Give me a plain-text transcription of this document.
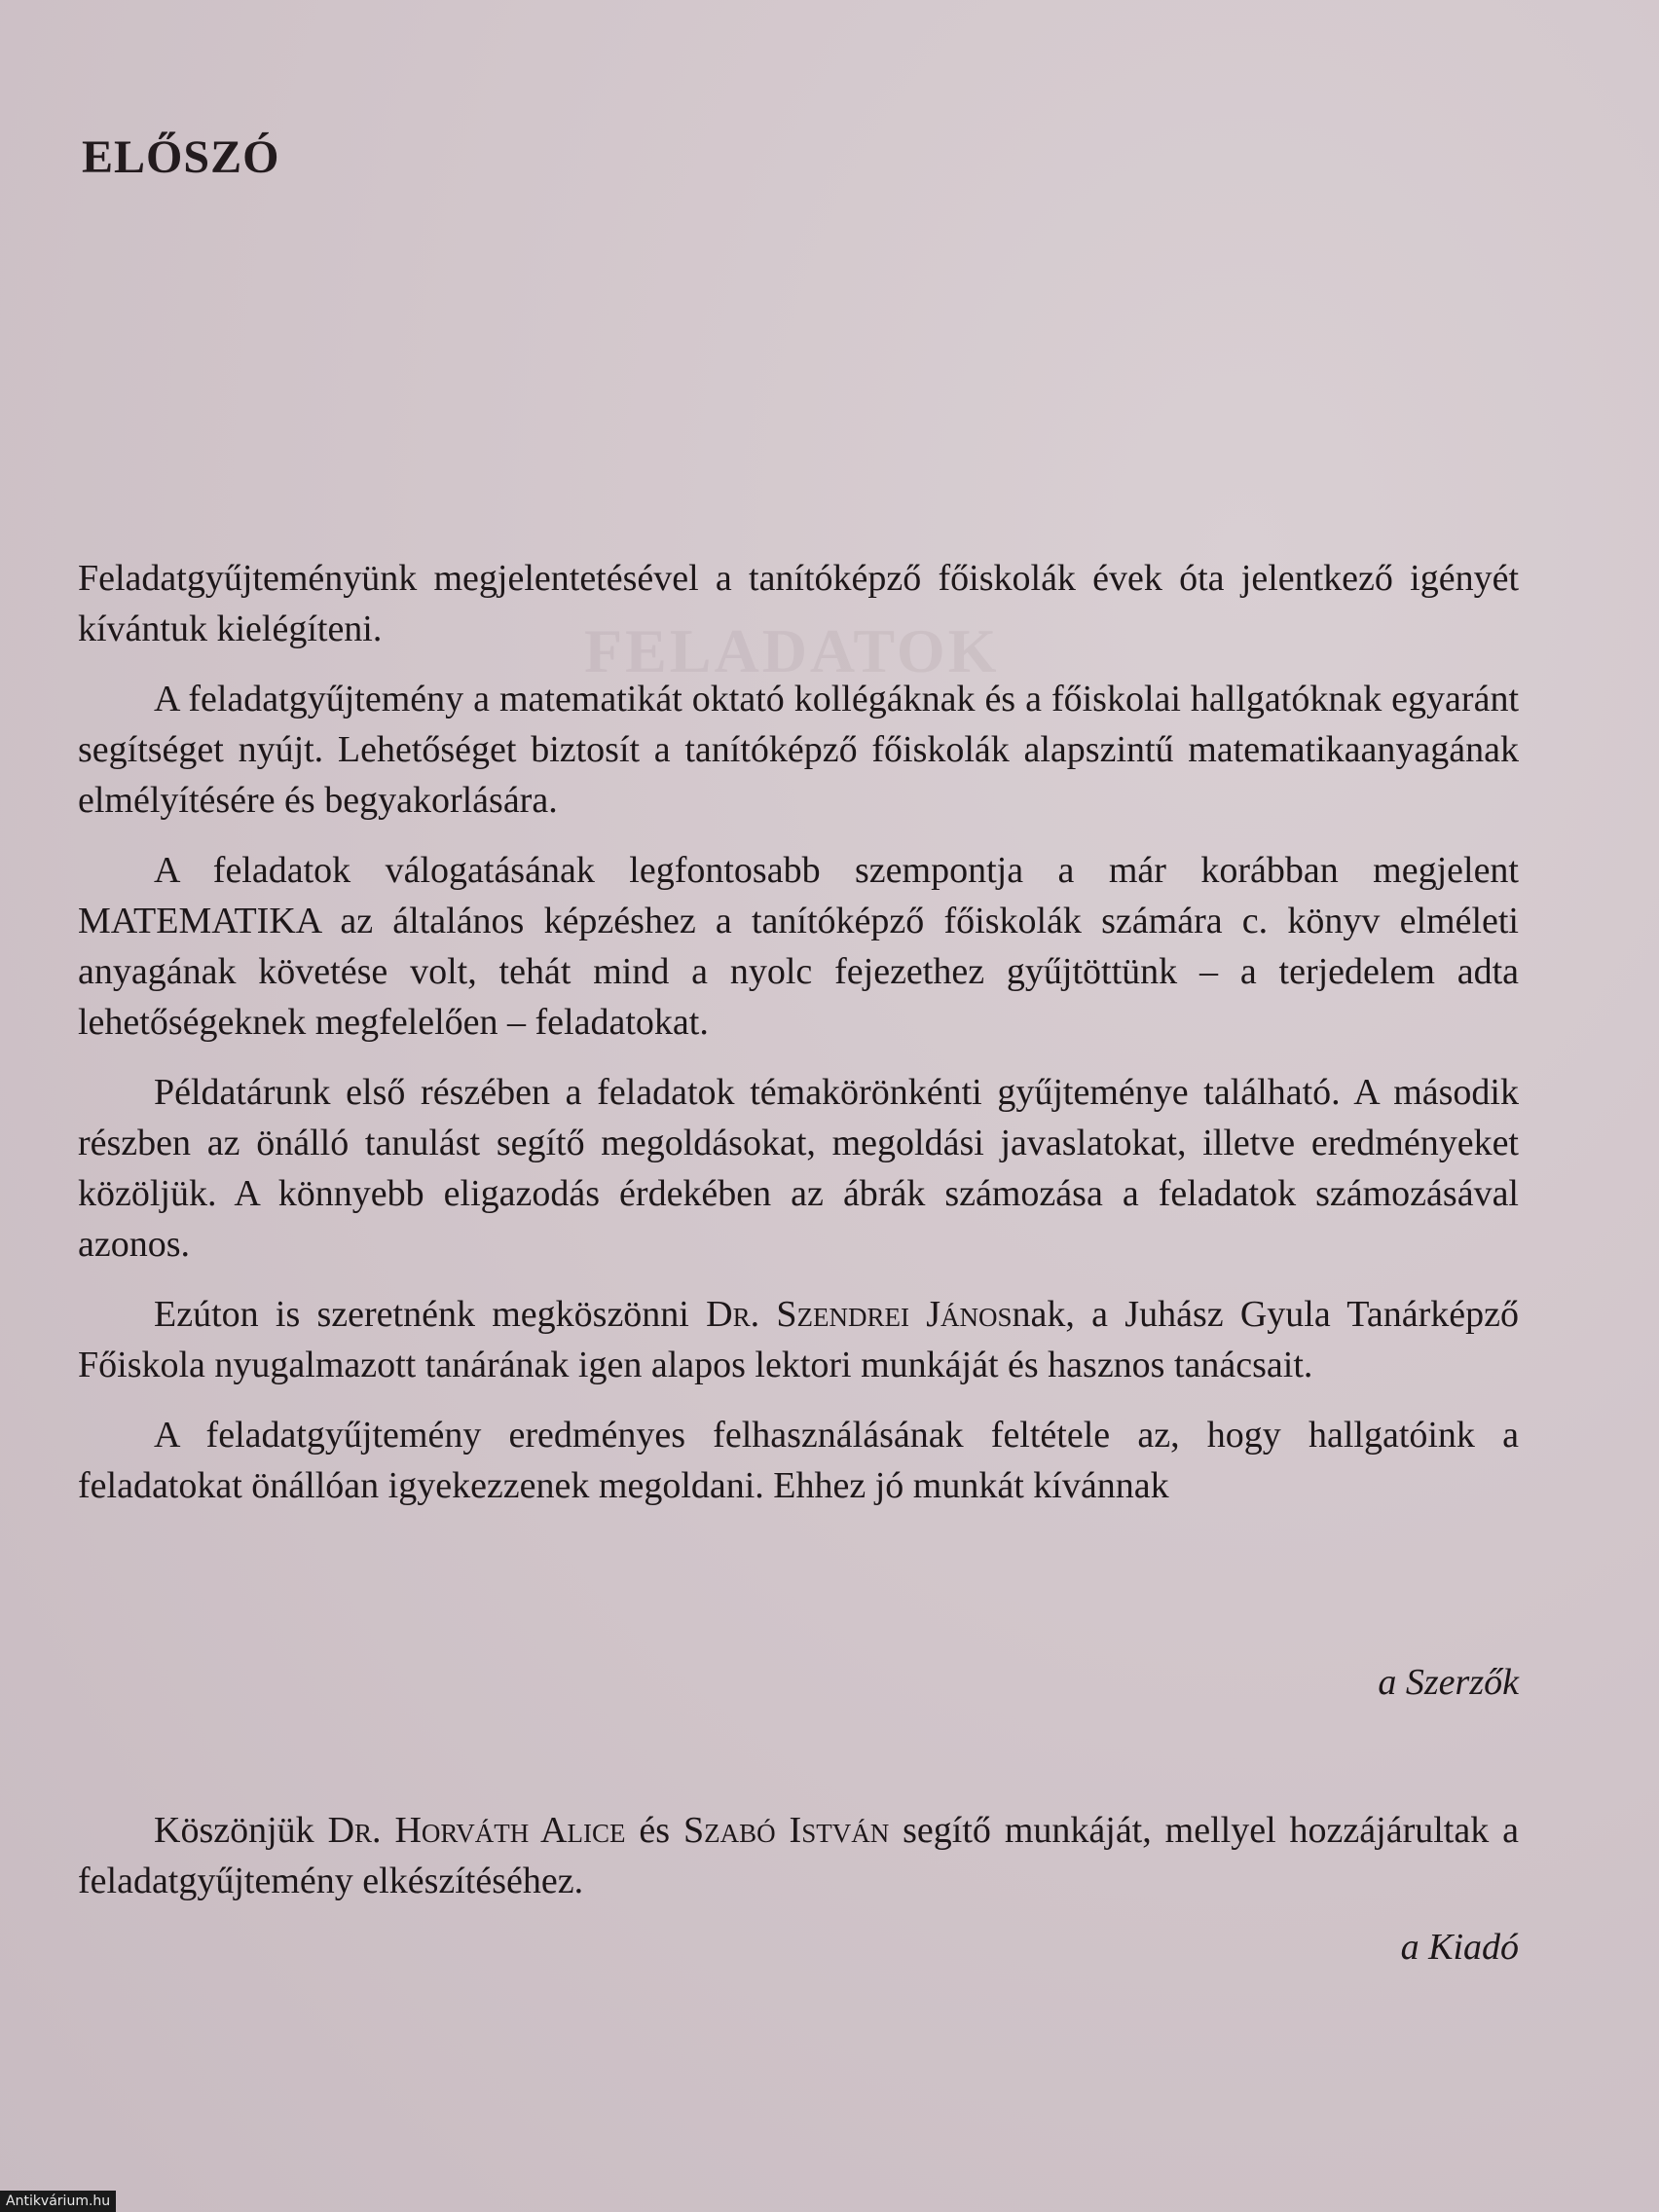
ELŐSZÓ
FELADATOK

Feladatgyűjteményünk megjelentetésével a tanítóképző főiskolák évek óta jelentkező igényét kívántuk kielégíteni.

A feladatgyűjtemény a matematikát oktató kollégáknak és a főiskolai hallgatóknak egyaránt segítséget nyújt. Lehetőséget biztosít a tanítóképző főiskolák alapszintű matematikaanyagának elmélyítésére és begyakorlására.

A feladatok válogatásának legfontosabb szempontja a már korábban megjelent MATEMATIKA az általános képzéshez a tanítóképző főiskolák számára c. könyv elméleti anyagának követése volt, tehát mind a nyolc fejezethez gyűjtöttünk – a terjedelem adta lehetőségeknek megfelelően – feladatokat.

Példatárunk első részében a feladatok témakörönkénti gyűjteménye található. A második részben az önálló tanulást segítő megoldásokat, megoldási javaslatokat, illetve eredményeket közöljük. A könnyebb eligazodás érdekében az ábrák számozása a feladatok számozásával azonos.

Ezúton is szeretnénk megköszönni Dr. Szendrei Jánosnak, a Juhász Gyula Tanárképző Főiskola nyugalmazott tanárának igen alapos lektori munkáját és hasznos tanácsait.

A feladatgyűjtemény eredményes felhasználásának feltétele az, hogy hallgatóink a feladatokat önállóan igyekezzenek megoldani. Ehhez jó munkát kívánnak

a Szerzők

Köszönjük Dr. Horváth Alice és Szabó István segítő munkáját, mellyel hozzájárultak a feladatgyűjtemény elkészítéséhez.

a Kiadó
Antikvárium.hu
